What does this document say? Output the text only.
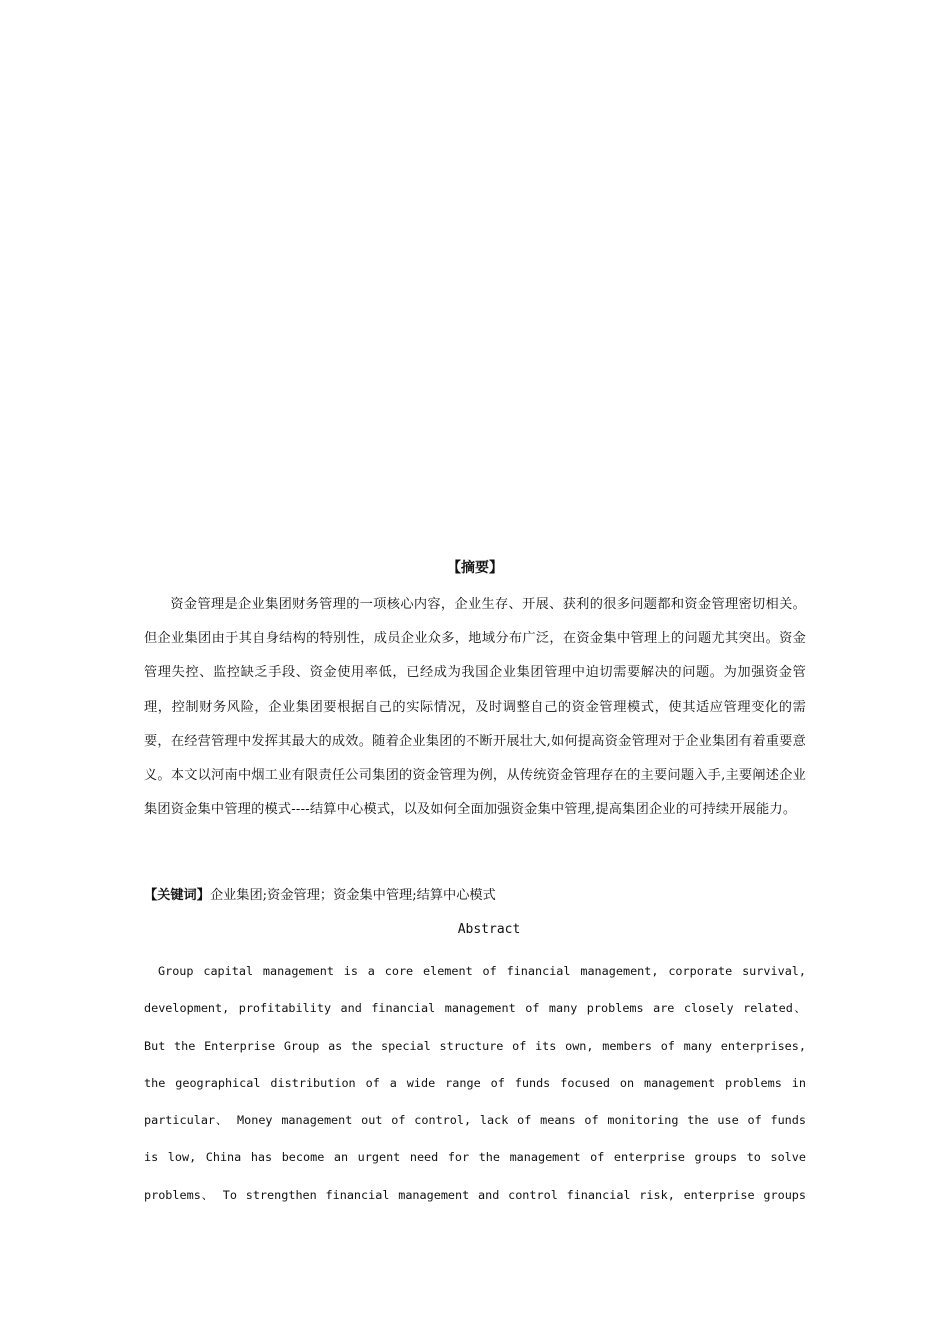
【摘要】
资金管理是企业集团财务管理的一项核心内容，企业生存、开展、获利的很多问题都和资金管理密切相关。但企业集团由于其自身结构的特别性，成员企业众多，地域分布广泛，在资金集中管理上的问题尤其突出。资金管理失控、监控缺乏手段、资金使用率低，已经成为我国企业集团管理中迫切需要解决的问题。为加强资金管理，控制财务风险，企业集团要根据自己的实际情况，及时调整自己的资金管理模式，使其适应管理变化的需要，在经营管理中发挥其最大的成效。随着企业集团的不断开展壮大,如何提高资金管理对于企业集团有着重要意义。本文以河南中烟工业有限责任公司集团的资金管理为例，从传统资金管理存在的主要问题入手,主要阐述企业集团资金集中管理的模式----结算中心模式，以及如何全面加强资金集中管理,提高集团企业的可持续开展能力。
【关键词】企业集团;资金管理；资金集中管理;结算中心模式
Abstract
Group capital management is a core element of financial management, corporate survival,
development, profitability and financial management of many problems are closely related、
But the Enterprise Group as the special structure of its own, members of many enterprises,
the geographical distribution of a wide range of funds focused on management problems in
particular、 Money management out of control, lack of means of monitoring the use of funds
is low, China has become an urgent need for the management of enterprise groups to solve
problems、 To strengthen financial management and control financial risk, enterprise groups
